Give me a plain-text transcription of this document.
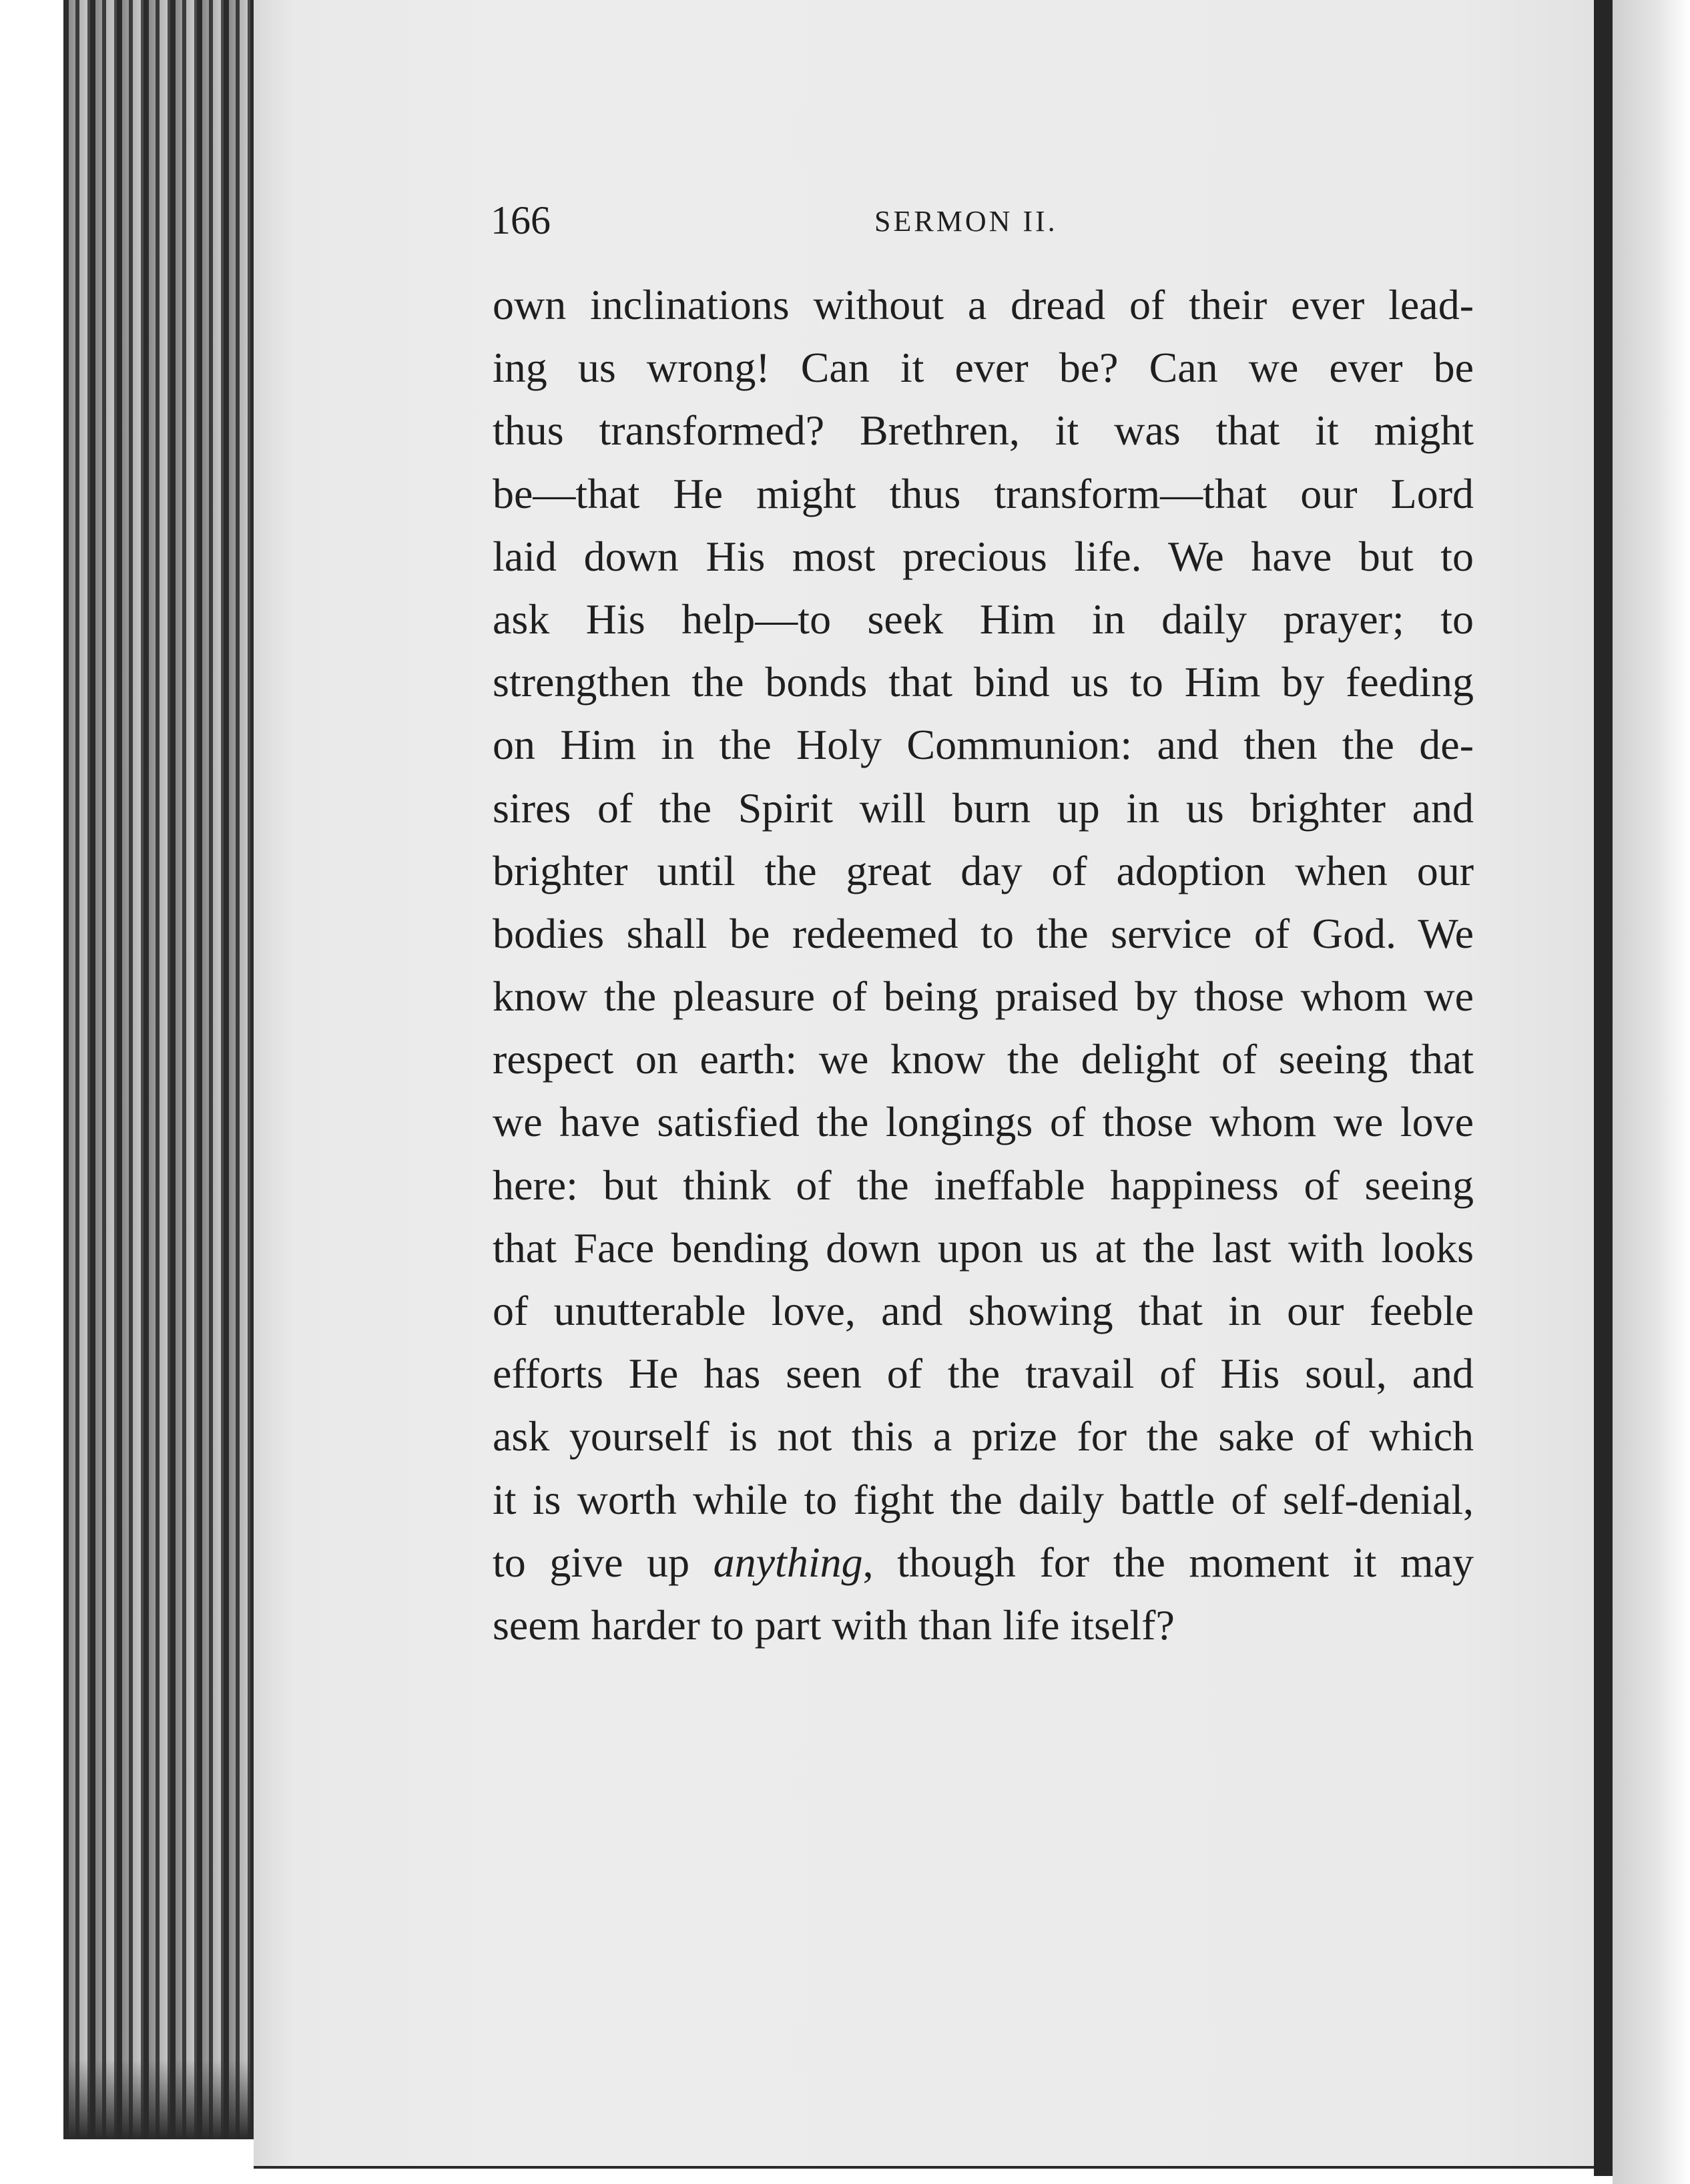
166	SERMON II.
own inclinations without a dread of their ever lead-
ing us wrong! Can it ever be? Can we ever be
thus transformed? Brethren, it was that it might
be—that He might thus transform—that our Lord
laid down His most precious life. We have but to
ask His help—to seek Him in daily prayer; to
strengthen the bonds that bind us to Him by feeding
on Him in the Holy Communion: and then the de-
sires of the Spirit will burn up in us brighter and
brighter until the great day of adoption when our
bodies shall be redeemed to the service of God. We
know the pleasure of being praised by those whom we
respect on earth: we know the delight of seeing that
we have satisfied the longings of those whom we love
here: but think of the ineffable happiness of seeing
that Face bending down upon us at the last with looks
of unutterable love, and showing that in our feeble
efforts He has seen of the travail of His soul, and
ask yourself is not this a prize for the sake of which
it is worth while to fight the daily battle of self-denial,
to give up anything, though for the moment it may
seem harder to part with than life itself?
